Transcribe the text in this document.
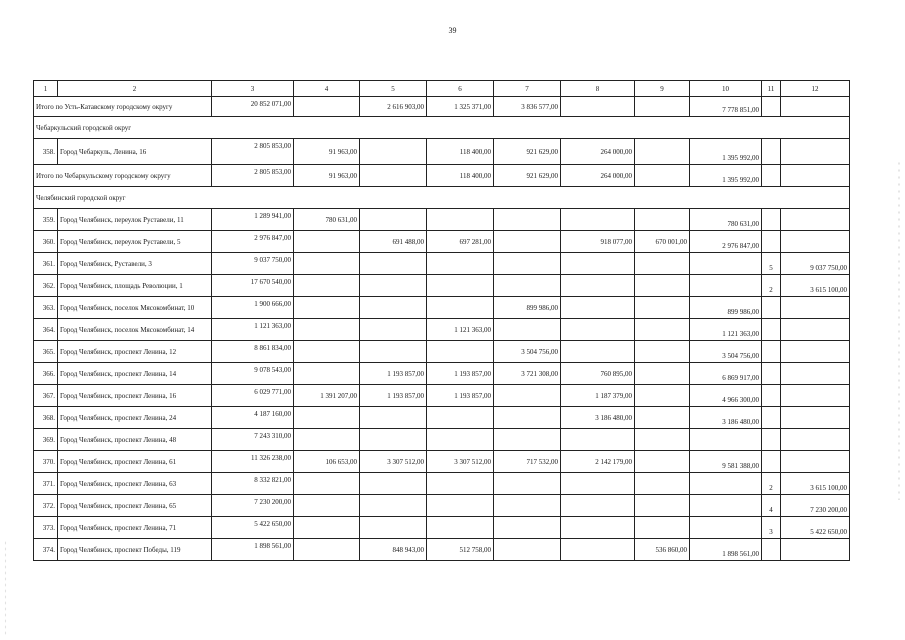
39
1	2	3	4	5	6	7	8	9	10	11	12
Итого по Усть-Катавскому городскому округу		20 852 071,00		2 616 903,00	1 325 371,00	3 836 577,00			7 778 851,00		
Чебаркульский городской округ											
358.	Город Чебаркуль, Ленина, 16	2 805 853,00	91 963,00		118 400,00	921 629,00	264 000,00		1 395 992,00		
Итого по Чебаркульскому городскому округу		2 805 853,00	91 963,00		118 400,00	921 629,00	264 000,00		1 395 992,00		
Челябинский городской округ											
359.	Город Челябинск, переулок Руставели, 11	1 289 941,00	780 631,00						780 631,00		
360.	Город Челябинск, переулок Руставели, 5	2 976 847,00		691 488,00	697 281,00		918 077,00	670 001,00	2 976 847,00		
361.	Город Челябинск, Руставели, 3	9 037 750,00								5	9 037 750,00
362.	Город Челябинск, площадь Революции, 1	17 670 540,00								2	3 615 100,00
363.	Город Челябинск, поселок Мясокомбинат, 10	1 900 666,00				899 986,00			899 986,00		
364.	Город Челябинск, поселок Мясокомбинат, 14	1 121 363,00			1 121 363,00				1 121 363,00		
365.	Город Челябинск, проспект Ленина, 12	8 861 834,00				3 504 756,00			3 504 756,00		
366.	Город Челябинск, проспект Ленина, 14	9 078 543,00		1 193 857,00	1 193 857,00	3 721 308,00	760 895,00		6 869 917,00		
367.	Город Челябинск, проспект Ленина, 16	6 029 771,00	1 391 207,00	1 193 857,00	1 193 857,00		1 187 379,00		4 966 300,00		
368.	Город Челябинск, проспект Ленина, 24	4 187 160,00					3 186 480,00		3 186 480,00		
369.	Город Челябинск, проспект Ленина, 48	7 243 310,00									
370.	Город Челябинск, проспект Ленина, 61	11 326 238,00	106 653,00	3 307 512,00	3 307 512,00	717 532,00	2 142 179,00		9 581 388,00		
371.	Город Челябинск, проспект Ленина, 63	8 332 821,00								2	3 615 100,00
372.	Город Челябинск, проспект Ленина, 65	7 230 200,00								4	7 230 200,00
373.	Город Челябинск, проспект Ленина, 71	5 422 650,00								3	5 422 650,00
374.	Город Челябинск, проспект Победы, 119	1 898 561,00		848 943,00	512 758,00			536 860,00	1 898 561,00		
